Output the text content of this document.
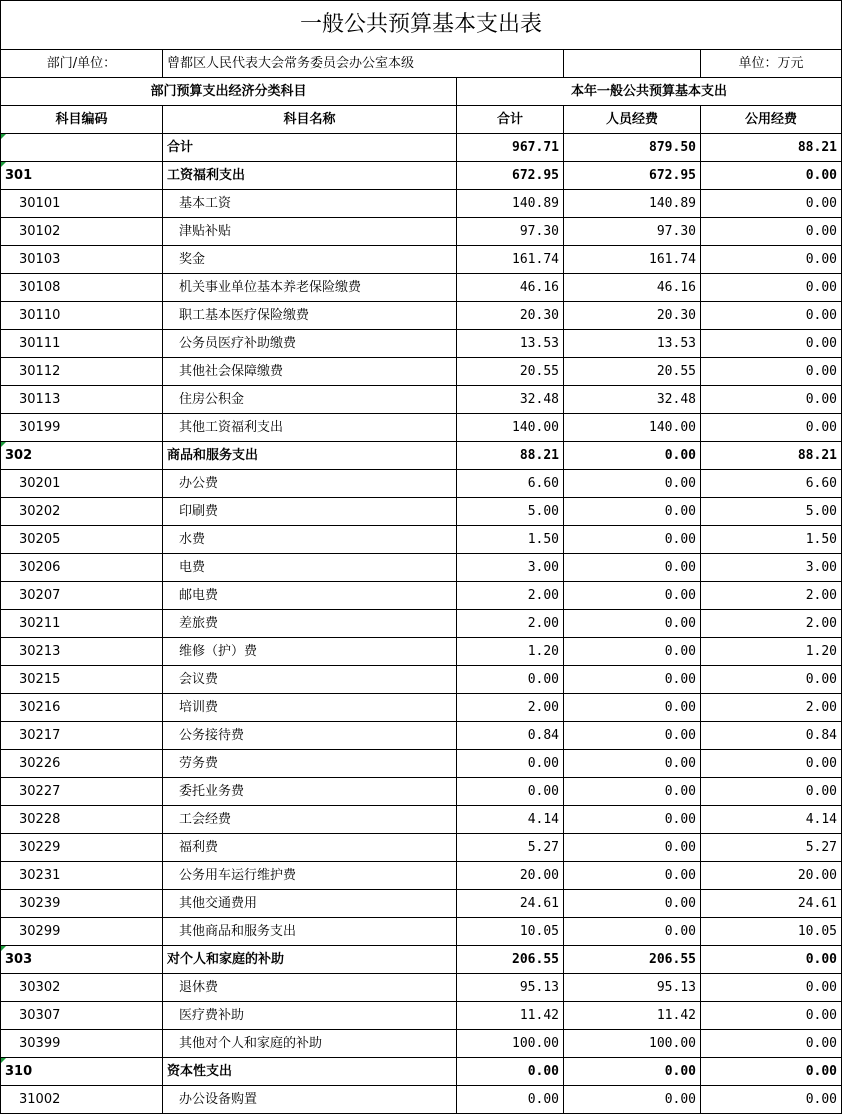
一般公共预算基本支出表				
部门/单位：	曾都区人民代表大会常务委员会办公室本级			单位：万元
部门预算支出经济分类科目		本年一般公共预算基本支出		
科目编码	科目名称	合计	人员经费	公用经费
	合计	967.71	879.50	88.21
301	工资福利支出	672.95	672.95	0.00
30101	基本工资	140.89	140.89	0.00
30102	津贴补贴	97.30	97.30	0.00
30103	奖金	161.74	161.74	0.00
30108	机关事业单位基本养老保险缴费	46.16	46.16	0.00
30110	职工基本医疗保险缴费	20.30	20.30	0.00
30111	公务员医疗补助缴费	13.53	13.53	0.00
30112	其他社会保障缴费	20.55	20.55	0.00
30113	住房公积金	32.48	32.48	0.00
30199	其他工资福利支出	140.00	140.00	0.00
302	商品和服务支出	88.21	0.00	88.21
30201	办公费	6.60	0.00	6.60
30202	印刷费	5.00	0.00	5.00
30205	水费	1.50	0.00	1.50
30206	电费	3.00	0.00	3.00
30207	邮电费	2.00	0.00	2.00
30211	差旅费	2.00	0.00	2.00
30213	维修（护）费	1.20	0.00	1.20
30215	会议费	0.00	0.00	0.00
30216	培训费	2.00	0.00	2.00
30217	公务接待费	0.84	0.00	0.84
30226	劳务费	0.00	0.00	0.00
30227	委托业务费	0.00	0.00	0.00
30228	工会经费	4.14	0.00	4.14
30229	福利费	5.27	0.00	5.27
30231	公务用车运行维护费	20.00	0.00	20.00
30239	其他交通费用	24.61	0.00	24.61
30299	其他商品和服务支出	10.05	0.00	10.05
303	对个人和家庭的补助	206.55	206.55	0.00
30302	退休费	95.13	95.13	0.00
30307	医疗费补助	11.42	11.42	0.00
30399	其他对个人和家庭的补助	100.00	100.00	0.00
310	资本性支出	0.00	0.00	0.00
31002	办公设备购置	0.00	0.00	0.00
